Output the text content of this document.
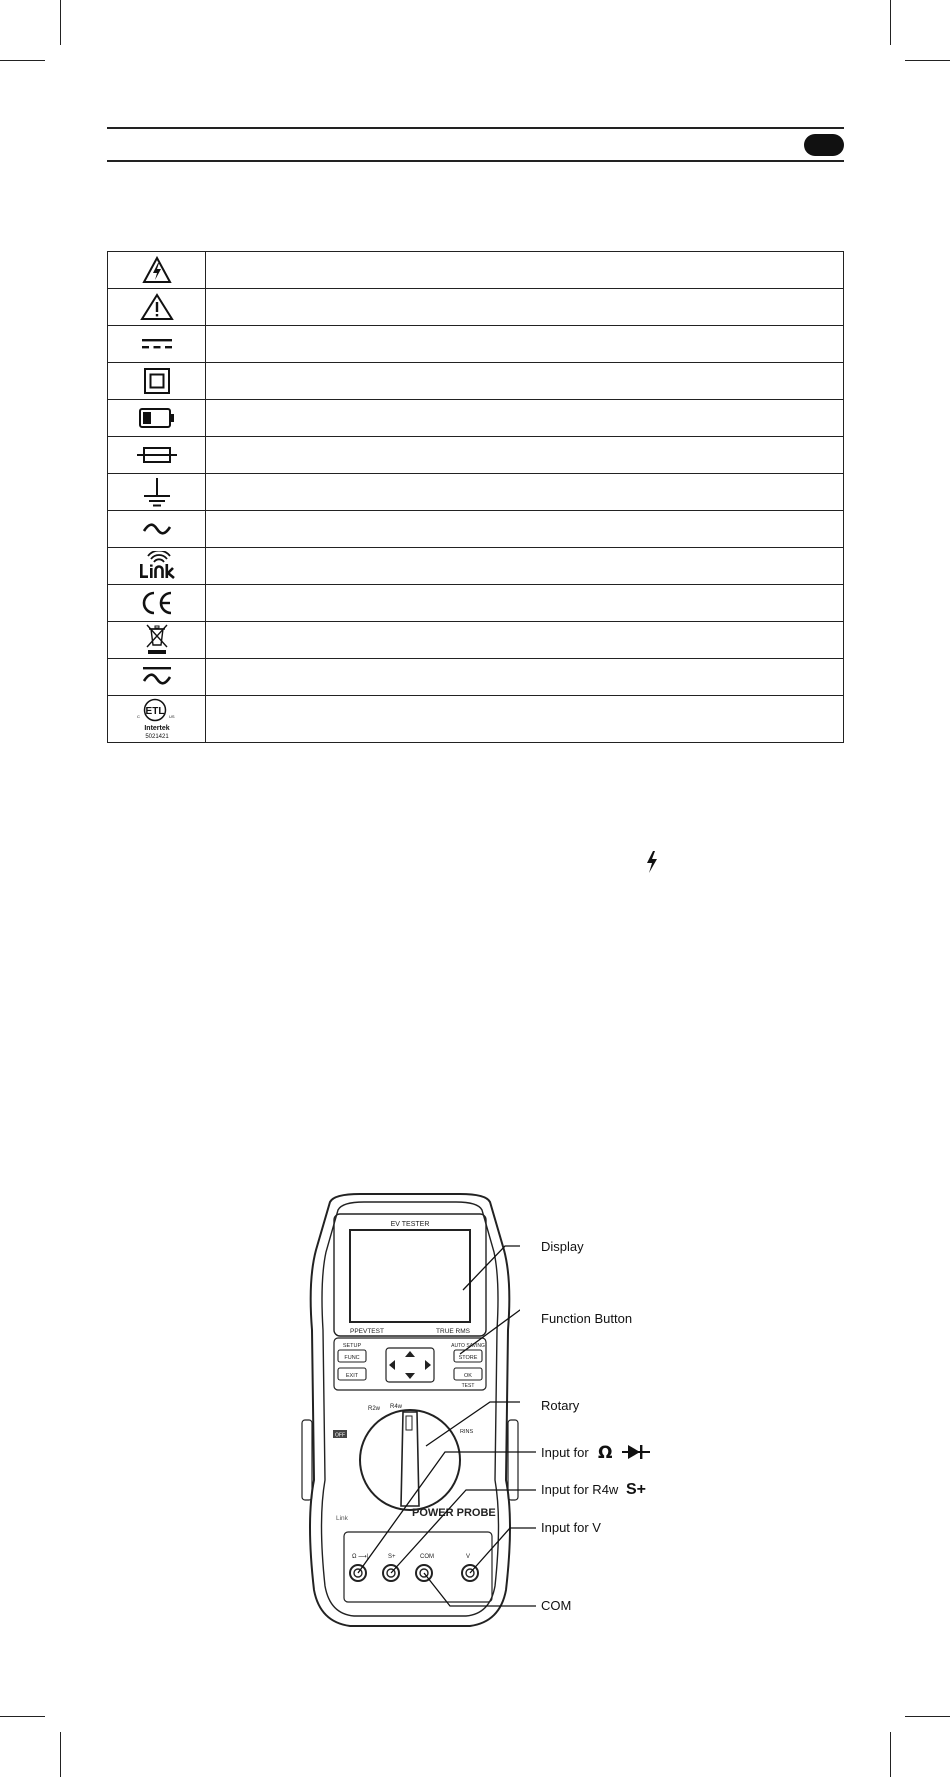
ETL US
C
Intertek
5021421	

EV TESTER
PPEVTEST	TRUE RMS
SETUP
FUNC
EXIT
AUTO SAVING
STORE
OK
TEST
R2w R4w
OFF
RINS
POWER PROBE
Link
Ω ⟶|	S+	COM	V
Display
Function Button
Rotary
Input for Ω
Input for R4w S+
Input for V
COM
